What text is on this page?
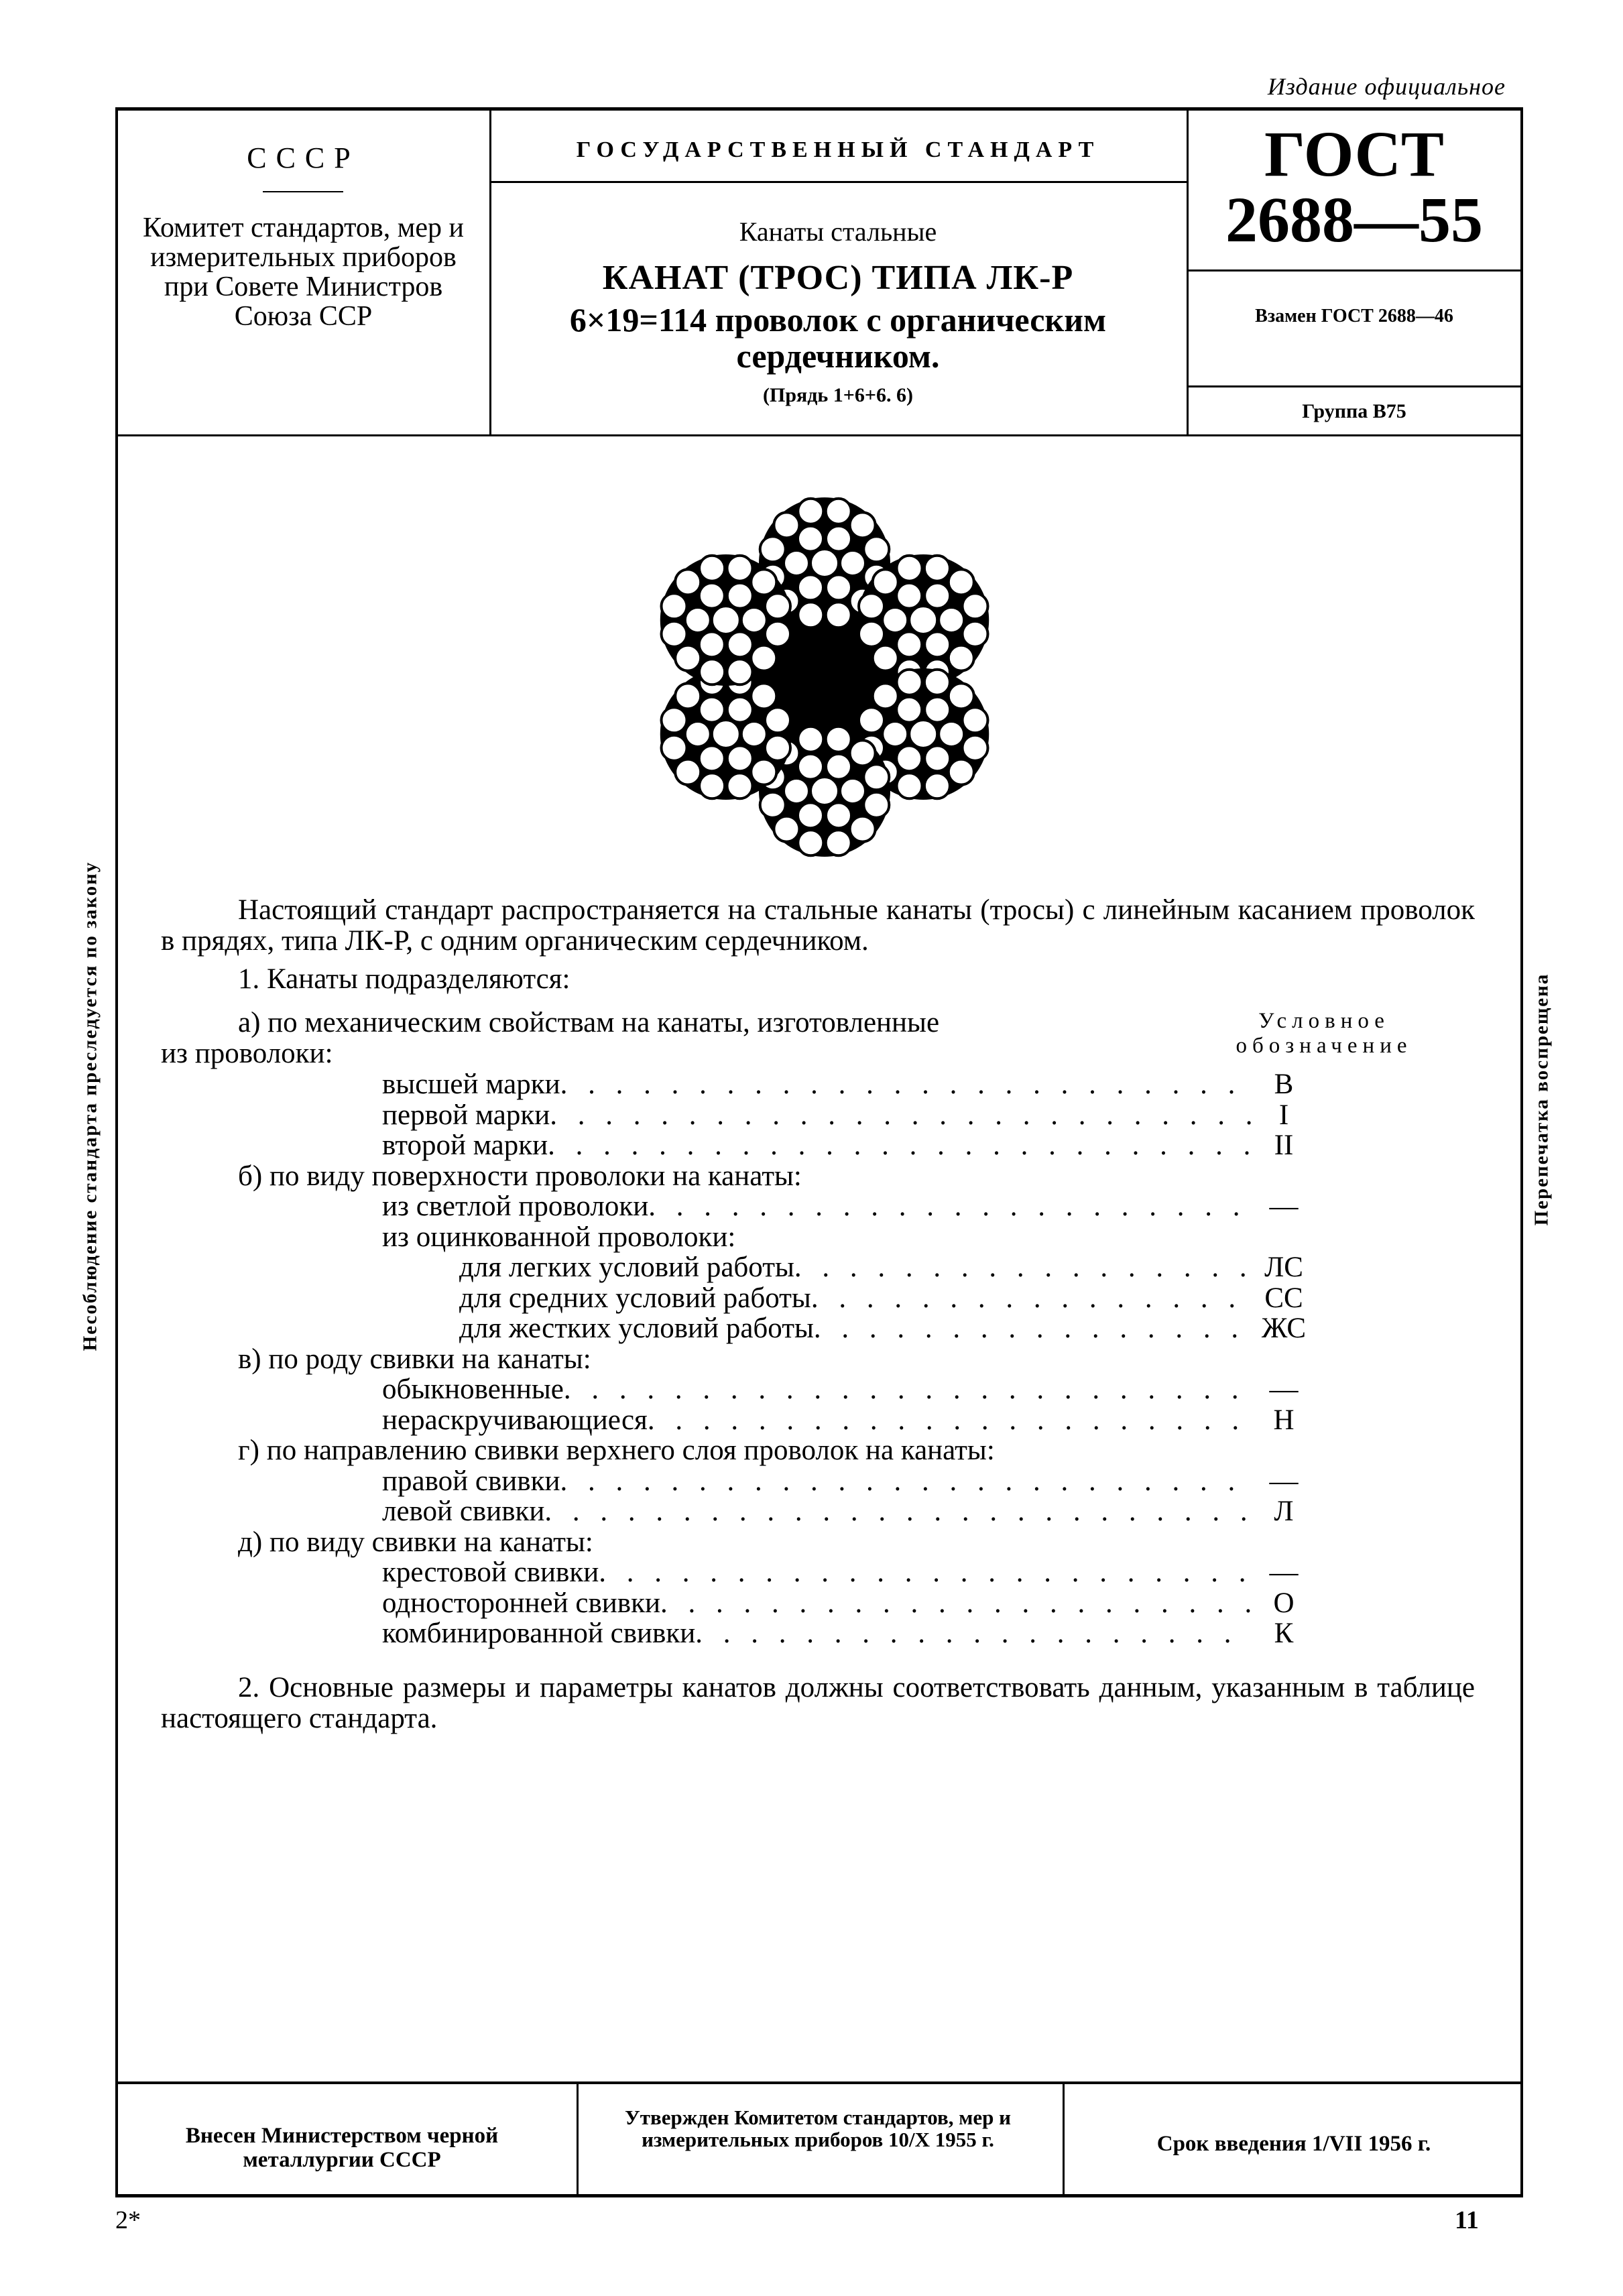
Издание официальное
СССР
Комитет стандартов, мер и измерительных приборов при Совете Министров Союза ССР
ГОСУДАРСТВЕННЫЙ СТАНДАРТ
Канаты стальные
КАНАТ (ТРОС) ТИПА ЛК-Р
6×19=114 проволок с органическим сердечником.
(Прядь 1+6+6. 6)
ГОСТ
2688—55
Взамен ГОСТ 2688—46
Группа В75
Несоблюдение стандарта преследуется по закону	Перепечатка воспрещена
Настоящий стандарт распространяется на стальные канаты (тросы) с линейным касанием проволок в прядях, типа ЛК-Р, с одним органическим сердечником.
1. Канаты подразделяются:
а) по механическим свойствам на канаты, изготовленные
из проволоки:
Условное обозначение
высшей марки . . .	В
первой марки . . .	I
второй марки . . .	II
б) по виду поверхности проволоки на канаты:
из светлой проволоки . . .	—
из оцинкованной проволоки:
для легких условий работы . . .	ЛС
для средних условий работы . . .	СС
для жестких условий работы . . .	ЖС
в) по роду свивки на канаты:
обыкновенные . . .	—
нераскручивающиеся . . .	Н
г) по направлению свивки верхнего слоя проволок на канаты:
правой свивки . . .	—
левой свивки . . .	Л
д) по виду свивки на канаты:
крестовой свивки . . .	—
односторонней свивки . . .	О
комбинированной свивки . . .	К
2. Основные размеры и параметры канатов должны соответствовать данным, указанным в таблице настоящего стандарта.
Внесен Министерством черной металлургии СССР
Утвержден Комитетом стандартов, мер и измерительных приборов 10/X 1955 г.	Срок введения 1/VII 1956 г.
2*	11
